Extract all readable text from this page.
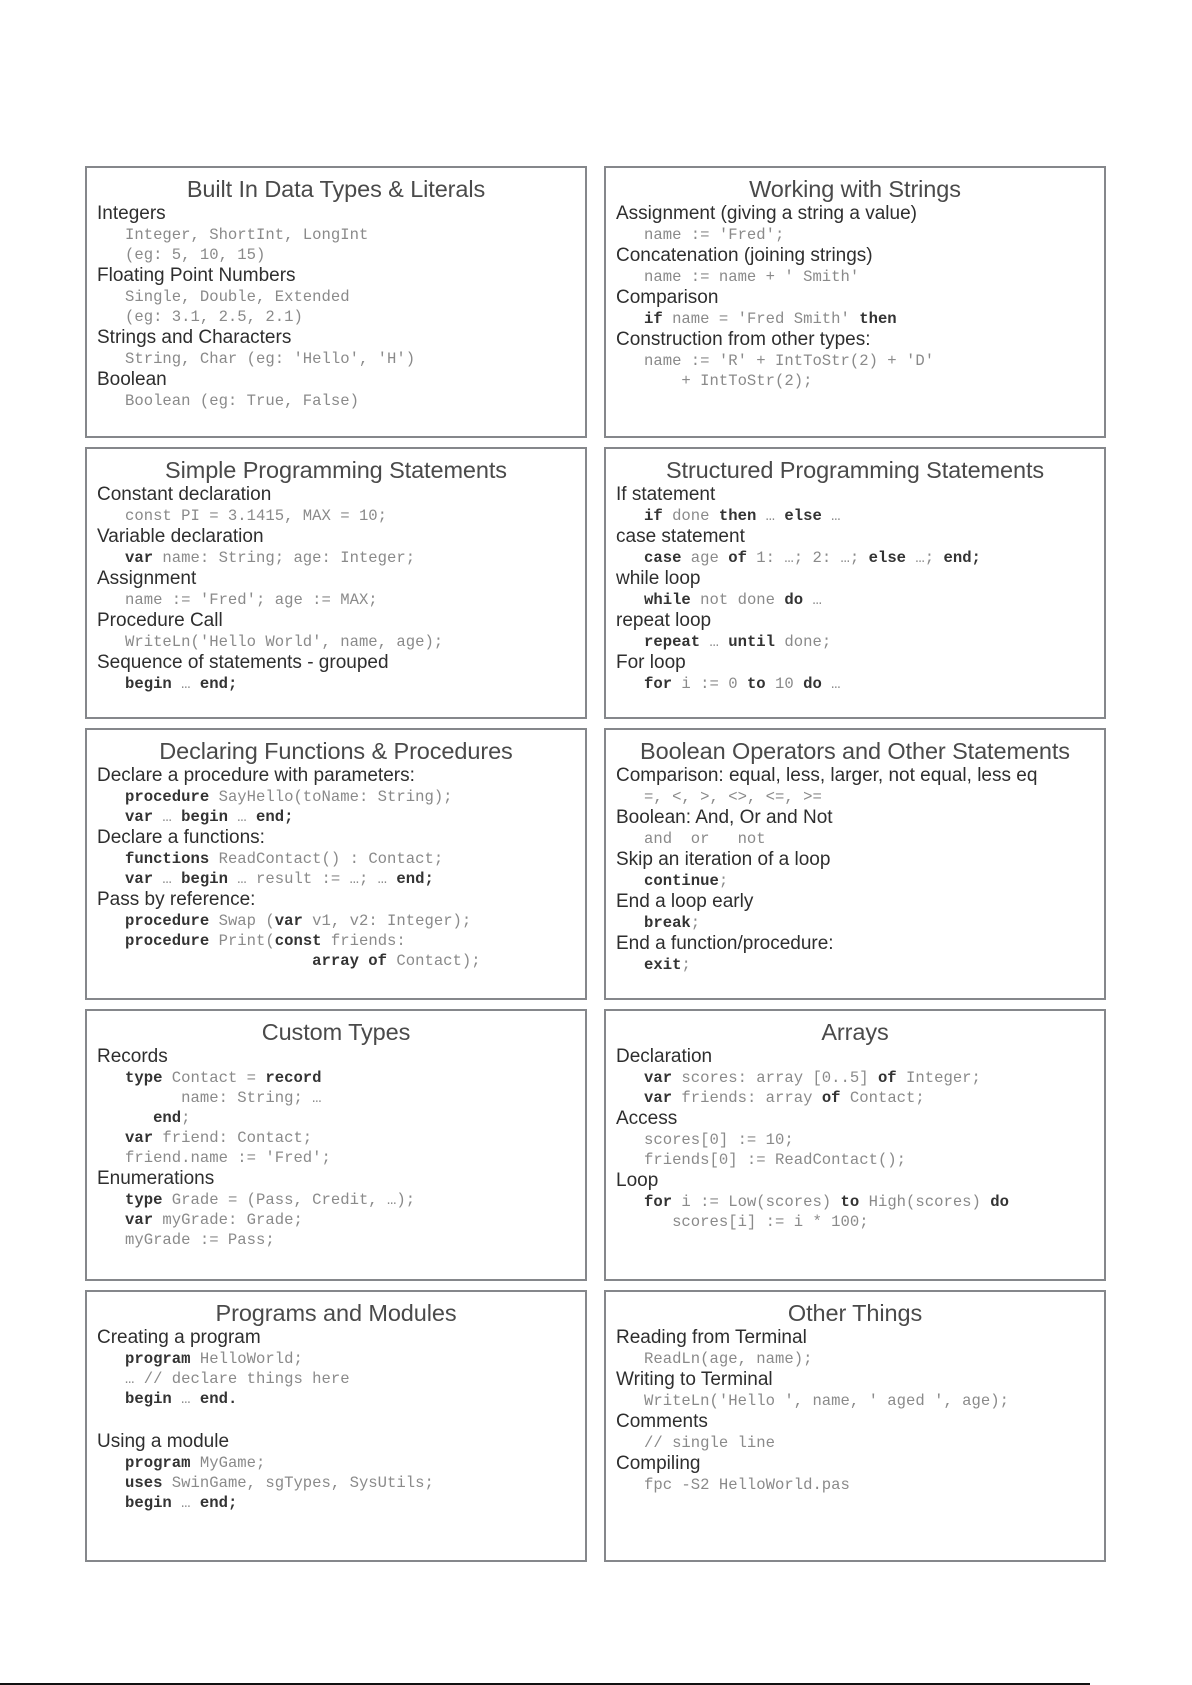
Built In Data Types & Literals
Integers
Integer, ShortInt, LongInt
(eg: 5, 10, 15)
Floating Point Numbers
Single, Double, Extended
(eg: 3.1, 2.5, 2.1)
Strings and Characters
String, Char (eg: 'Hello', 'H')
Boolean
Boolean (eg: True, False)
Working with Strings
Assignment (giving a string a value)
name := 'Fred';
Concatenation (joining strings)
name := name + ' Smith'
Comparison
if name = 'Fred Smith' then
Construction from other types:
name := 'R' + IntToStr(2) + 'D'
+ IntToStr(2);
Simple Programming Statements
Constant declaration
const PI = 3.1415, MAX = 10;
Variable declaration
var name: String; age: Integer;
Assignment
name := 'Fred'; age := MAX;
Procedure Call
WriteLn('Hello World', name, age);
Sequence of statements - grouped
begin … end;
Structured Programming Statements
If statement
if done then … else …
case statement
case age of 1: …; 2: …; else …; end;
while loop
while not done do …
repeat loop
repeat … until done;
For loop
for i := 0 to 10 do …
Declaring Functions & Procedures
Declare a procedure with parameters:
procedure SayHello(toName: String);
var … begin … end;
Declare a functions:
functions ReadContact() : Contact;
var … begin … result := …; … end;
Pass by reference:
procedure Swap (var v1, v2: Integer);
procedure Print(const friends:
array of Contact);
Boolean Operators and Other Statements
Comparison: equal, less, larger, not equal, less eq
=, <, >, <>, <=, >=
Boolean: And, Or and Not
and  or   not
Skip an iteration of a loop
continue;
End a loop early
break;
End a function/procedure:
exit;
Custom Types
Records
type Contact = record
name: String; …
end;
var friend: Contact;
friend.name := 'Fred';
Enumerations
type Grade = (Pass, Credit, …);
var myGrade: Grade;
myGrade := Pass;
Arrays
Declaration
var scores: array [0..5] of Integer;
var friends: array of Contact;
Access
scores[0] := 10;
friends[0] := ReadContact();
Loop
for i := Low(scores) to High(scores) do
scores[i] := i * 100;
Programs and Modules
Creating a program
program HelloWorld;
… // declare things here
begin … end.
Using a module
program MyGame;
uses SwinGame, sgTypes, SysUtils;
begin … end;
Other Things
Reading from Terminal
ReadLn(age, name);
Writing to Terminal
WriteLn('Hello ', name, ' aged ', age);
Comments
// single line
Compiling
fpc -S2 HelloWorld.pas
